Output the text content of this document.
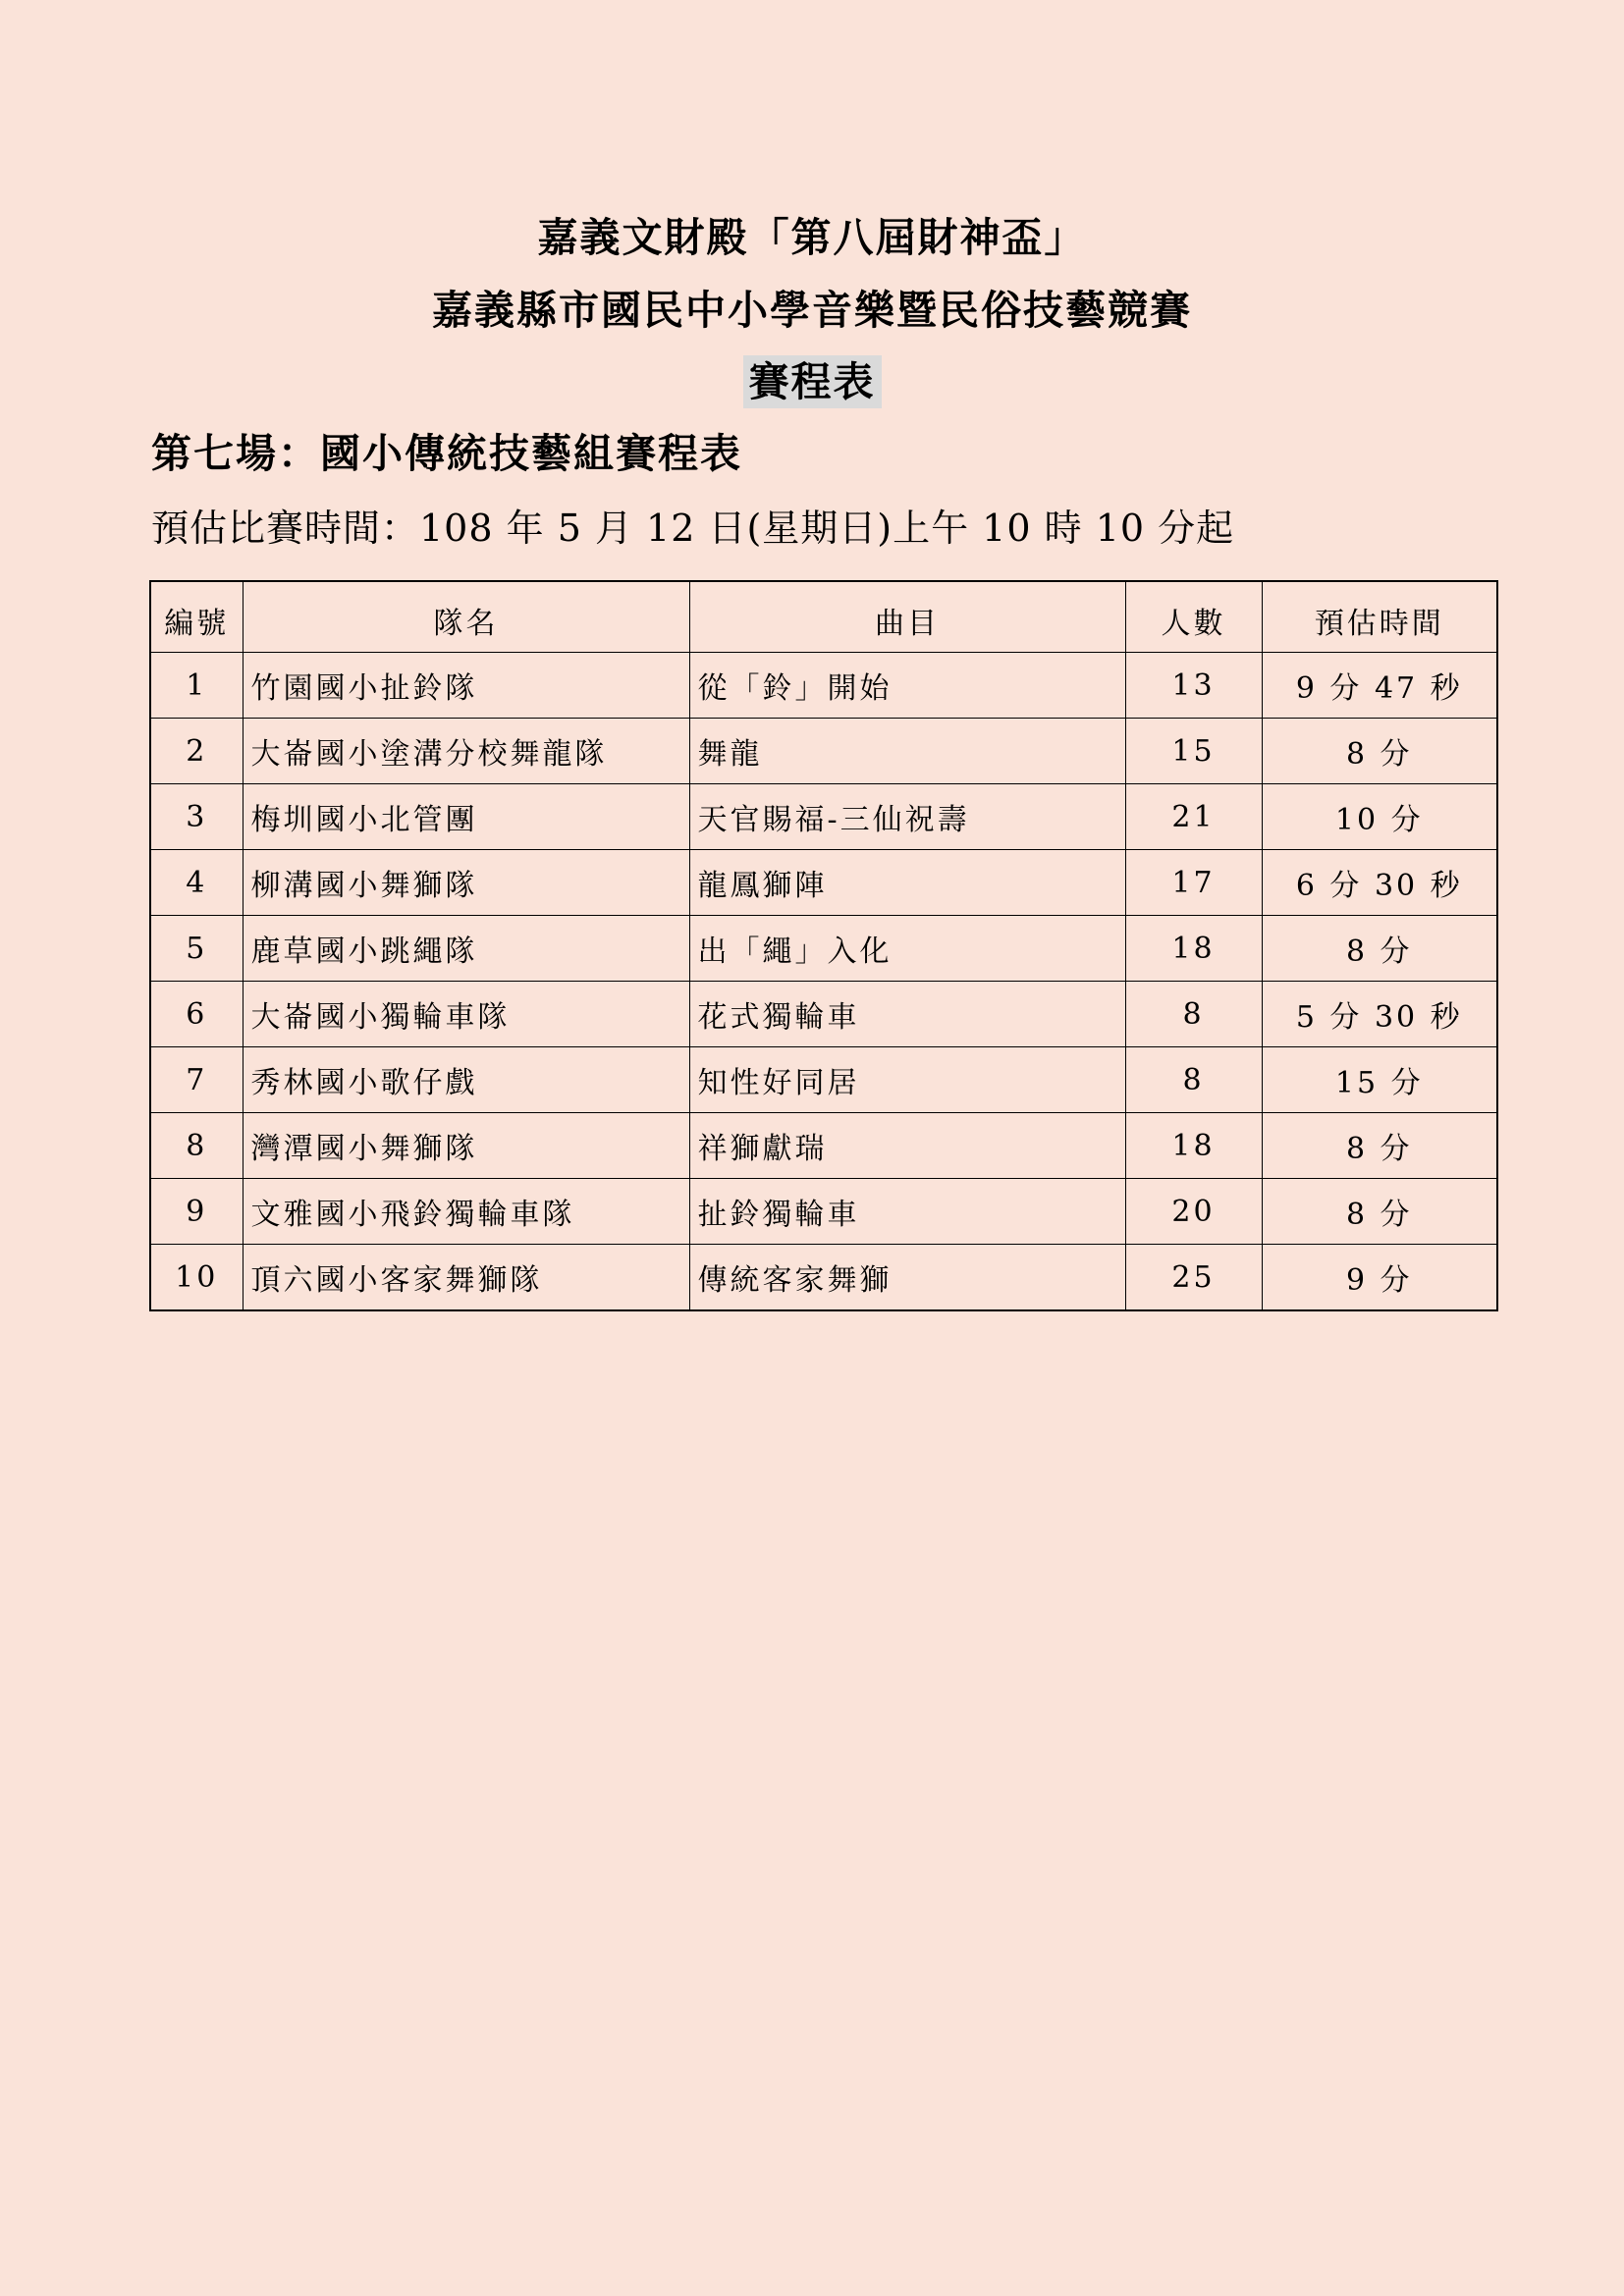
嘉義文財殿「第八屆財神盃」
嘉義縣市國民中小學音樂暨民俗技藝競賽
賽程表
第七場：國小傳統技藝組賽程表
預估比賽時間：108 年 5 月 12 日(星期日)上午 10 時 10 分起
編號	隊名	曲目	人數	預估時間
1	竹園國小扯鈴隊	從「鈴」開始	13	9 分 47 秒
2	大崙國小塗溝分校舞龍隊	舞龍	15	8 分
3	梅圳國小北管團	天官賜福-三仙祝壽	21	10 分
4	柳溝國小舞獅隊	龍鳳獅陣	17	6 分 30 秒
5	鹿草國小跳繩隊	出「繩」入化	18	8 分
6	大崙國小獨輪車隊	花式獨輪車	8	5 分 30 秒
7	秀林國小歌仔戲	知性好同居	8	15 分
8	灣潭國小舞獅隊	祥獅獻瑞	18	8 分
9	文雅國小飛鈴獨輪車隊	扯鈴獨輪車	20	8 分
10	頂六國小客家舞獅隊	傳統客家舞獅	25	9 分
